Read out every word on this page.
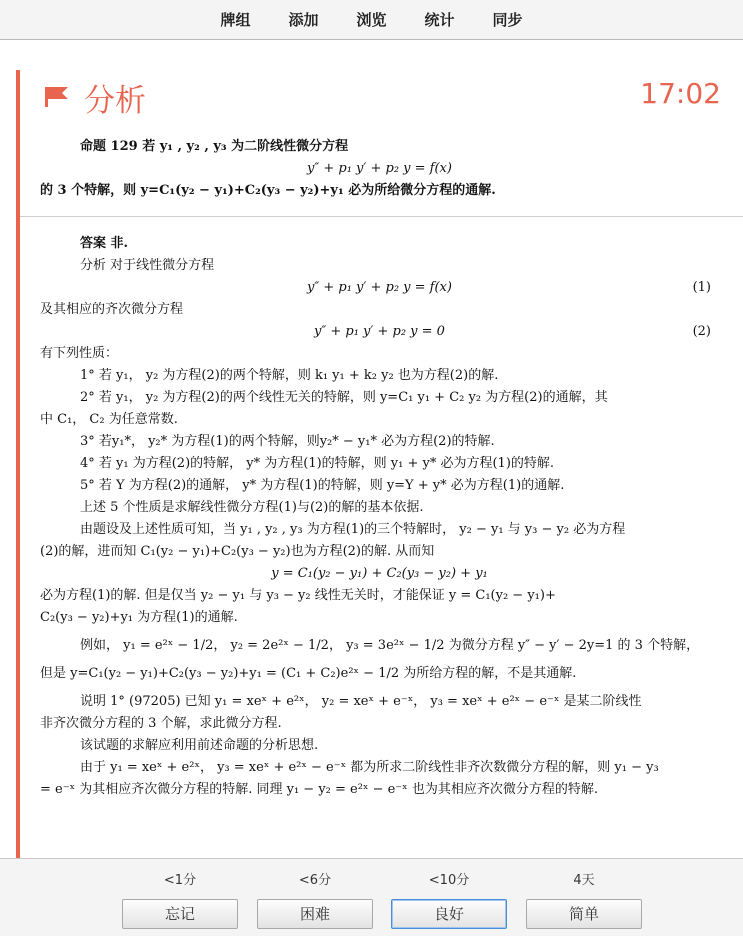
牌组	添加	浏览	统计	同步
分析	17:02

命题 129 若 y₁ , y₂ , y₃ 为二阶线性微分方程

y″ + p₁ y′ + p₂ y = f(x)

的 3 个特解，则 y=C₁(y₂ − y₁)+C₂(y₃ − y₂)+y₁ 必为所给微分方程的通解.

答案 非.

分析 对于线性微分方程

y″ + p₁ y′ + p₂ y = f(x)	(1)

及其相应的齐次微分方程

y″ + p₁ y′ + p₂ y = 0	(2)

有下列性质：

1° 若 y₁， y₂ 为方程(2)的两个特解，则 k₁ y₁ + k₂ y₂ 也为方程(2)的解.

2° 若 y₁， y₂ 为方程(2)的两个线性无关的特解，则 y=C₁ y₁ + C₂ y₂ 为方程(2)的通解，其

中 C₁， C₂ 为任意常数.

3° 若y₁*， y₂* 为方程(1)的两个特解，则y₂* − y₁* 必为方程(2)的特解.

4° 若 y₁ 为方程(2)的特解， y* 为方程(1)的特解，则 y₁ + y* 必为方程(1)的特解.

5° 若 Y 为方程(2)的通解， y* 为方程(1)的特解，则 y=Y + y* 必为方程(1)的通解.

上述 5 个性质是求解线性微分方程(1)与(2)的解的基本依据.

由题设及上述性质可知，当 y₁ , y₂ , y₃ 为方程(1)的三个特解时， y₂ − y₁ 与 y₃ − y₂ 必为方程

(2)的解，进而知 C₁(y₂ − y₁)+C₂(y₃ − y₂)也为方程(2)的解. 从而知

y = C₁(y₂ − y₁) + C₂(y₃ − y₂) + y₁

必为方程(1)的解. 但是仅当 y₂ − y₁ 与 y₃ − y₂ 线性无关时，才能保证 y = C₁(y₂ − y₁)+

C₂(y₃ − y₂)+y₁ 为方程(1)的通解.

例如， y₁ = e²ˣ − 1/2， y₂ = 2e²ˣ − 1/2， y₃ = 3e²ˣ − 1/2 为微分方程 y″ − y′ − 2y=1 的 3 个特解，

但是 y=C₁(y₂ − y₁)+C₂(y₃ − y₂)+y₁ = (C₁ + C₂)e²ˣ − 1/2 为所给方程的解，不是其通解.

说明 1° (97205) 已知 y₁ = xeˣ + e²ˣ， y₂ = xeˣ + e⁻ˣ， y₃ = xeˣ + e²ˣ − e⁻ˣ 是某二阶线性

非齐次微分方程的 3 个解，求此微分方程.

该试题的求解应利用前述命题的分析思想.

由于 y₁ = xeˣ + e²ˣ， y₃ = xeˣ + e²ˣ − e⁻ˣ 都为所求二阶线性非齐次数微分方程的解，则 y₁ − y₃

= e⁻ˣ 为其相应齐次微分方程的特解. 同理 y₁ − y₂ = e²ˣ − e⁻ˣ 也为其相应齐次微分方程的特解.

<1分	<6分	<10分	4天
忘记	困难	良好	简单
